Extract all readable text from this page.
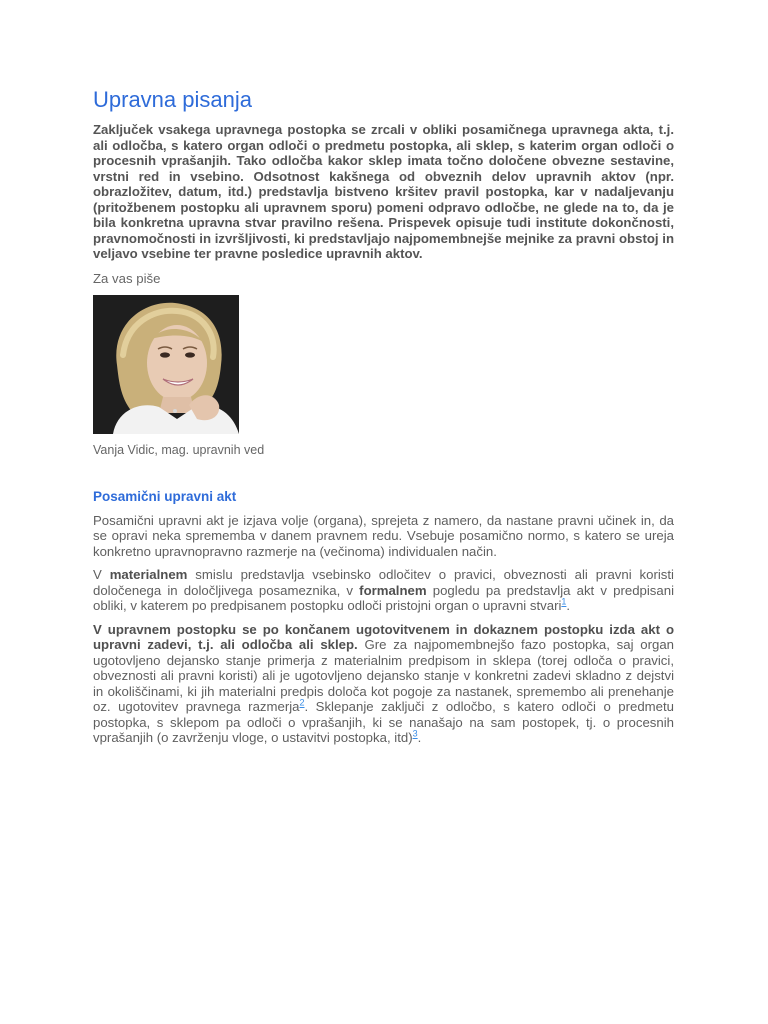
Upravna pisanja

Zaključek vsakega upravnega postopka se zrcali v obliki posamičnega upravnega akta, t.j. ali odločba, s katero organ odloči o predmetu postopka, ali sklep, s katerim organ odloči o procesnih vprašanjih. Tako odločba kakor sklep imata točno določene obvezne sestavine, vrstni red in vsebino. Odsotnost kakšnega od obveznih delov upravnih aktov (npr. obrazložitev, datum, itd.) predstavlja bistveno kršitev pravil postopka, kar v nadaljevanju (pritožbenem postopku ali upravnem sporu) pomeni odpravo odločbe, ne glede na to, da je bila konkretna upravna stvar pravilno rešena. Prispevek opisuje tudi institute dokončnosti, pravnomočnosti in izvršljivosti, ki predstavljajo najpomembnejše mejnike za pravni obstoj in veljavo vsebine ter pravne posledice upravnih aktov.

Za vas piše

Vanja Vidic, mag. upravnih ved

Posamični upravni akt

Posamični upravni akt je izjava volje (organa), sprejeta z namero, da nastane pravni učinek in, da se opravi neka sprememba v danem pravnem redu. Vsebuje posamično normo, s katero se ureja konkretno upravnopravno razmerje na (večinoma) individualen način.

V materialnem smislu predstavlja vsebinsko odločitev o pravici, obveznosti ali pravni koristi določenega in določljivega posameznika, v formalnem pogledu pa predstavlja akt v predpisani obliki, v katerem po predpisanem postopku odloči pristojni organ o upravni stvari$^1$.

V upravnem postopku se po končanem ugotovitvenem in dokaznem postopku izda akt o upravni zadevi, t.j. ali odločba ali sklep. Gre za najpomembnejšo fazo postopka, saj organ ugotovljeno dejansko stanje primerja z materialnim predpisom in sklepa (torej odloča o pravici, obveznosti ali pravni koristi) ali je ugotovljeno dejansko stanje v konkretni zadevi skladno z dejstvi in okoliščinami, ki jih materialni predpis določa kot pogoje za nastanek, spremembo ali prenehanje oz. ugotovitev pravnega razmerja$^2$. Sklepanje zaključi z odločbo, s katero odloči o predmetu postopka, s sklepom pa odloči o vprašanjih, ki se nanašajo na sam postopek, tj. o procesnih vprašanjih (o zavrženju vloge, o ustavitvi postopka, itd)$^3$.
